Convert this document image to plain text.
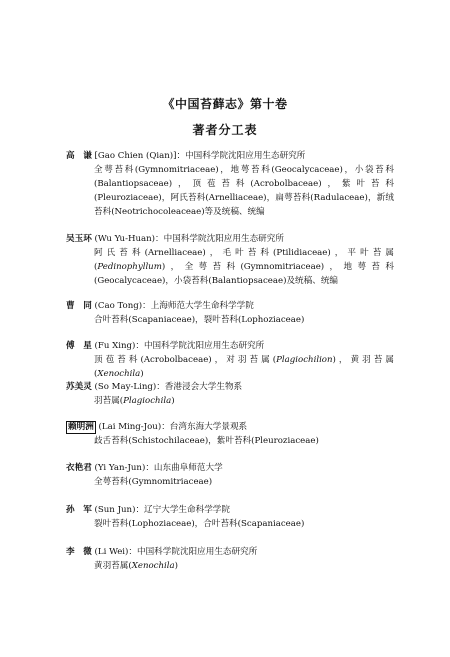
《中国苔藓志》第十卷
著者分工表
高　谦 [Gao Chien (Qian)]：中国科学院沈阳应用生态研究所
全萼苔科(Gymnomitriaceae)，地萼苔科(Geocalycaceae)，小袋苔科(Balantiopsaceae)，顶苞苔科(Acrobolbaceae)，紫叶苔科(Pleuroziaceae)，阿氏苔科(Arnelliaceae)，扁萼苔科(Radulaceae)，新绒苔科(Neotrichocoleaceae)等及统稿、统编
吴玉环 (Wu Yu-Huan)：中国科学院沈阳应用生态研究所
阿氏苔科(Arnelliaceae)，毛叶苔科(Ptilidiaceae)，平叶苔属(Pedinophyllum)，全萼苔科(Gymnomitriaceae)，地萼苔科(Geocalycaceae)，小袋苔科(Balantiopsaceae)及统稿、统编
曹　同 (Cao Tong)：上海师范大学生命科学学院
合叶苔科(Scapaniaceae)，裂叶苔科(Lophoziaceae)
傅　星 (Fu Xing)：中国科学院沈阳应用生态研究所
顶苞苔科(Acrobolbaceae)，对羽苔属(Plagiochilion)，黄羽苔属(Xenochila)
苏美灵 (So May-Ling)：香港浸会大学生物系
羽苔属(Plagiochila)
赖明洲 (Lai Ming-Jou)：台湾东海大学景观系
歧舌苔科(Schistochilaceae)，紫叶苔科(Pleuroziaceae)
衣艳君 (Yi Yan-Jun)：山东曲阜师范大学
全萼苔科(Gymnomitriaceae)
孙　军 (Sun Jun)：辽宁大学生命科学学院
裂叶苔科(Lophoziaceae)，合叶苔科(Scapaniaceae)
李　微 (Li Wei)：中国科学院沈阳应用生态研究所
黄羽苔属(Xenochila)
